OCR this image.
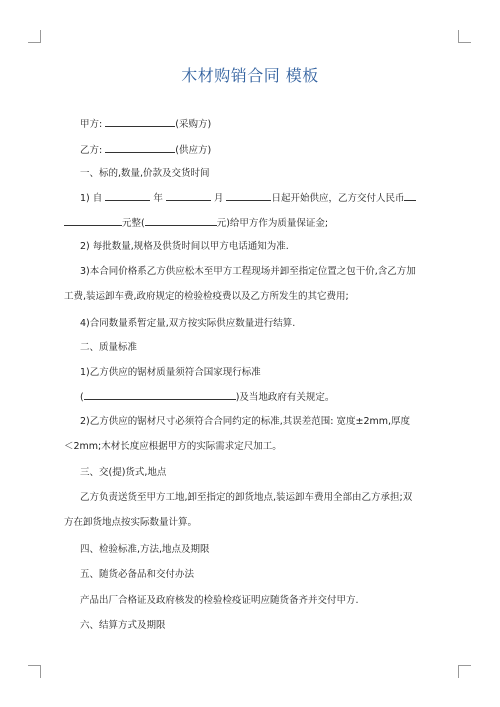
木材购销合同 模板
甲方:	(采购方)
乙方:	(供应方)
一、标的,数量,价款及交货时间
1) 自	年	月	日起开始供应，乙方交付人民币
元整(	元)给甲方作为质量保证金;
2) 每批数量,规格及供货时间以甲方电话通知为准.
3)本合同价格系乙方供应松木至甲方工程现场并卸至指定位置之包干价,含乙方加
工费,装运卸车费,政府规定的检验检疫费以及乙方所发生的其它费用;
4)合同数量系暂定量,双方按实际供应数量进行结算.
二、质量标准
1)乙方供应的锯材质量须符合国家现行标准
(	)及当地政府有关规定。
2)乙方供应的锯材尺寸必须符合合同约定的标准,其误差范围: 宽度±2mm,厚度
＜2mm;木材长度应根据甲方的实际需求定尺加工。
三、交(提)货式,地点
乙方负责送货至甲方工地,卸至指定的卸货地点,装运卸车费用全部由乙方承担;双
方在卸货地点按实际数量计算。
四、检验标准,方法,地点及期限
五、随货必备品和交付办法
产品出厂合格证及政府核发的检验检疫证明应随货备齐并交付甲方.
六、结算方式及期限
